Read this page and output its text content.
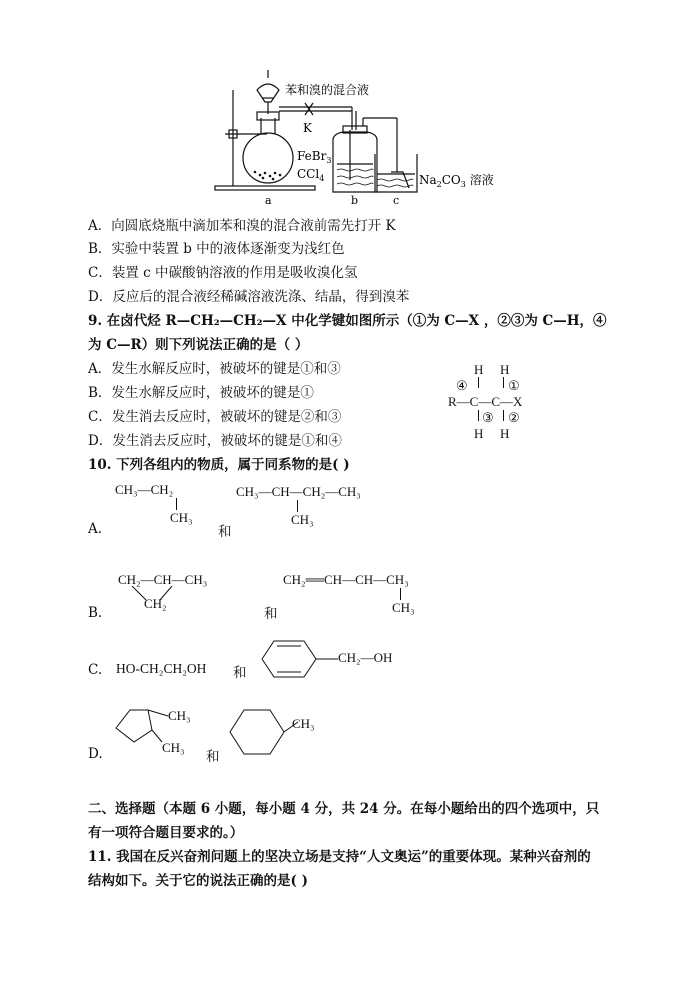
苯和溴的混合液
K
FeBr$_3$
CCl$_4$	$Na_2CO_3$ 溶液
a	b	c
A．向圆底烧瓶中滴加苯和溴的混合液前需先打开 K
B．实验中装置 b 中的液体逐渐变为浅红色
C．装置 c 中碳酸钠溶液的作用是吸收溴化氢
D．反应后的混合液经稀碱溶液洗涤、结晶，得到溴苯
9. 在卤代烃 R—CH₂—CH₂—X 中化学键如图所示（①为 C—X ，②③为 C—H，④
为 C—R）则下列说法正确的是（ ）
A．发生水解反应时，被破坏的键是①和③
B．发生水解反应时，被破坏的键是①
C．发生消去反应时，被破坏的键是②和③
D．发生消去反应时，被破坏的键是①和④
H H
④	①
R—C—C—X
③ ②
H H
10. 下列各组内的物质，属于同系物的是( )
CH₃—CH₂
CH₃
CH₃—CH—CH₂—CH₃
CH₃
A.	和
CH₂—CH—CH₃
CH₂
CH₂══CH—CH—CH₃
CH₃
B.	和
C. HO-CH₂CH₂OH 和
CH₂—OH
D.
CH₃
CH₃
和
CH₃
二、选择题（本题 6 小题，每小题 4 分，共 24 分。在每小题给出的四个选项中，只
有一项符合题目要求的。）
11. 我国在反兴奋剂问题上的坚决立场是支持“人文奥运”的重要体现。某种兴奋剂的
结构如下。关于它的说法正确的是( )
